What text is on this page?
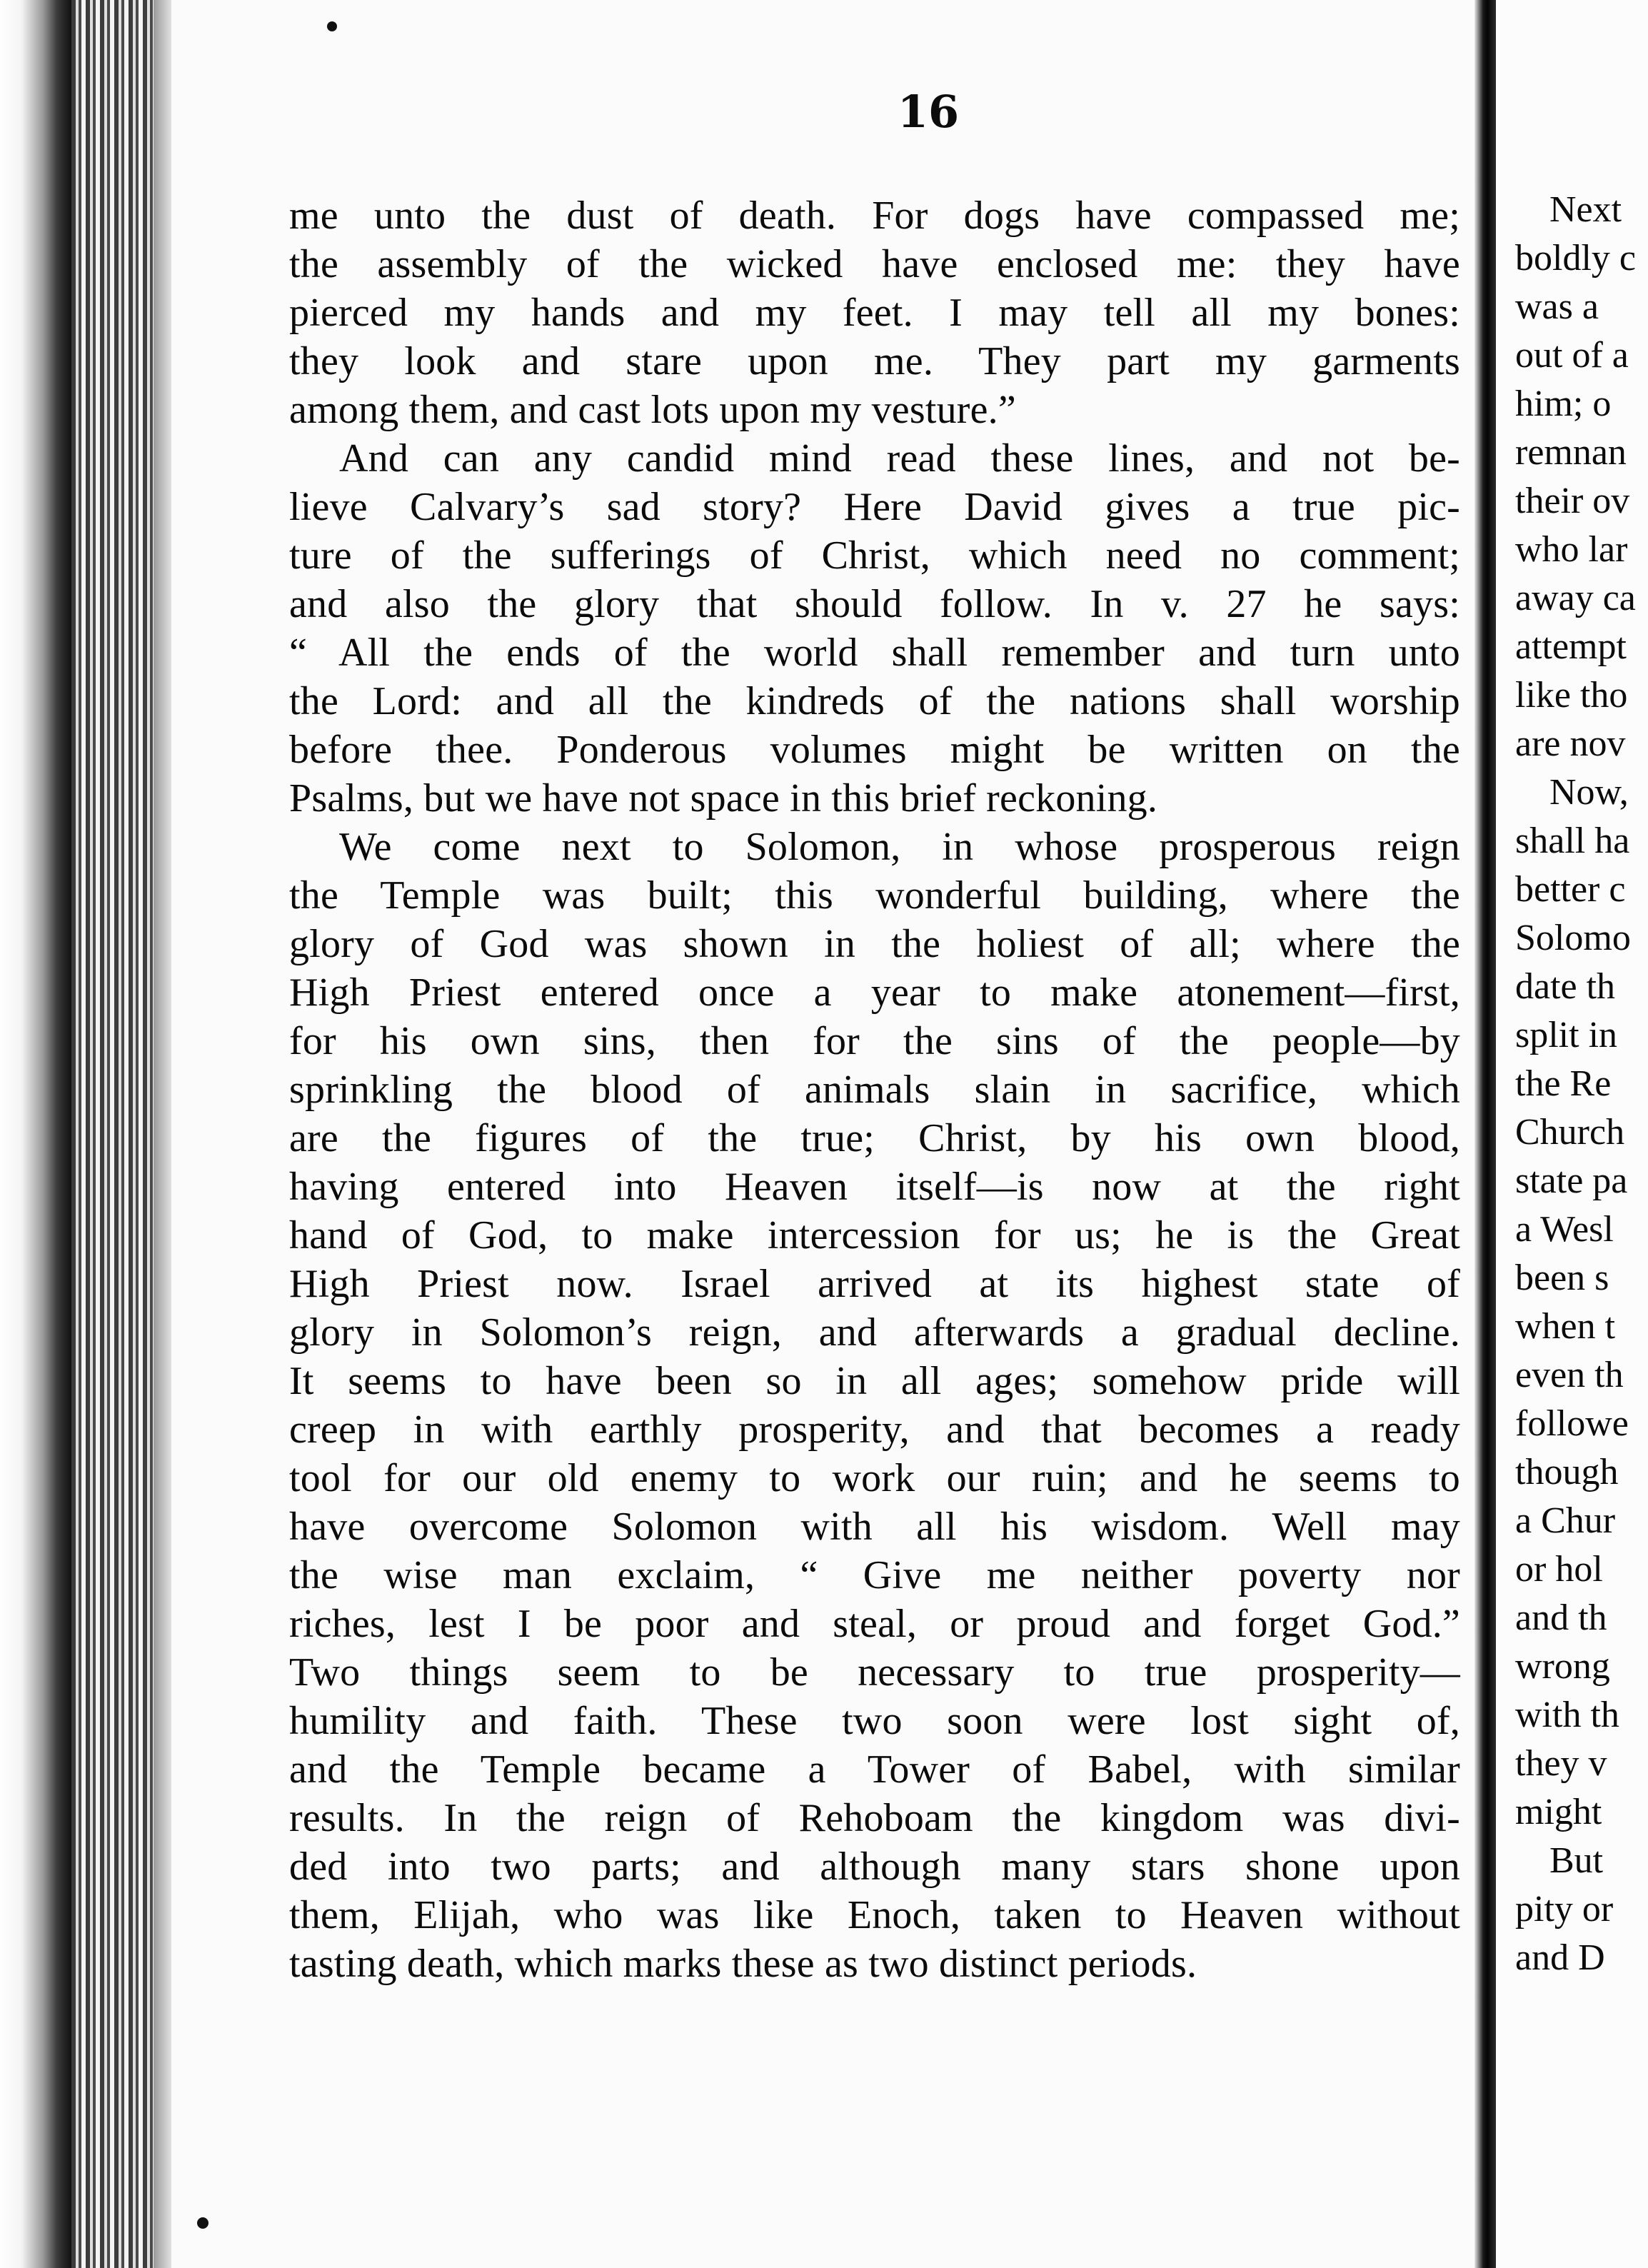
16
me unto the dust of death. For dogs have compassed me;
the assembly of the wicked have enclosed me: they have
pierced my hands and my feet. I may tell all my bones:
they look and stare upon me. They part my garments
among them, and cast lots upon my vesture.”
And can any candid mind read these lines, and not be-
lieve Calvary’s sad story? Here David gives a true pic-
ture of the sufferings of Christ, which need no comment;
and also the glory that should follow. In v. 27 he says:
“ All the ends of the world shall remember and turn unto
the Lord: and all the kindreds of the nations shall worship
before thee. Ponderous volumes might be written on the
Psalms, but we have not space in this brief reckoning.
We come next to Solomon, in whose prosperous reign
the Temple was built; this wonderful building, where the
glory of God was shown in the holiest of all; where the
High Priest entered once a year to make atonement—first,
for his own sins, then for the sins of the people—by
sprinkling the blood of animals slain in sacrifice, which
are the figures of the true; Christ, by his own blood,
having entered into Heaven itself—is now at the right
hand of God, to make intercession for us; he is the Great
High Priest now. Israel arrived at its highest state of
glory in Solomon’s reign, and afterwards a gradual decline.
It seems to have been so in all ages; somehow pride will
creep in with earthly prosperity, and that becomes a ready
tool for our old enemy to work our ruin; and he seems to
have overcome Solomon with all his wisdom. Well may
the wise man exclaim, “ Give me neither poverty nor
riches, lest I be poor and steal, or proud and forget God.”
Two things seem to be necessary to true prosperity—
humility and faith. These two soon were lost sight of,
and the Temple became a Tower of Babel, with similar
results. In the reign of Rehoboam the kingdom was divi-
ded into two parts; and although many stars shone upon
them, Elijah, who was like Enoch, taken to Heaven without
tasting death, which marks these as two distinct periods.
Next
boldly c
was a
out of a
him; o
remnan
their ov
who lar
away ca
attempt
like tho
are nov
Now,
shall ha
better c
Solomo
date th
split in
the Re
Church
state pa
a Wesl
been s
when t
even th
followe
though
a Chur
or hol
and th
wrong
with th
they v
might
But
pity or
and D
